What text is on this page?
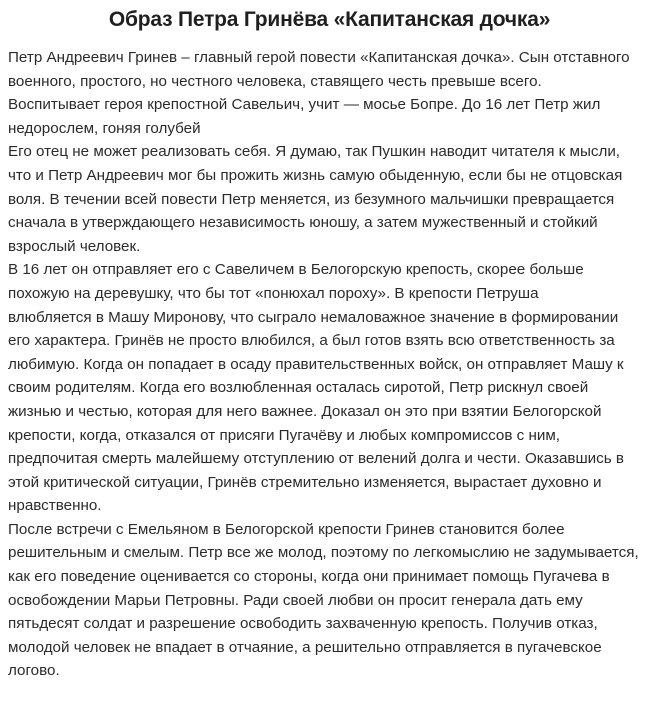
Образ Петра Гринёва «Капитанская дочка»

Петр Андреевич Гринев – главный герой повести «Капитанская дочка». Сын отставного
военного, простого, но честного человека, ставящего честь превыше всего.

Воспитывает героя крепостной Савельич, учит — мосье Бопре. До 16 лет Петр жил
недорослем, гоняя голубей

Его отец не может реализовать себя. Я думаю, так Пушкин наводит читателя к мысли,
что и Петр Андреевич мог бы прожить жизнь самую обыденную, если бы не отцовская
воля. В течении всей повести Петр меняется, из безумного мальчишки превращается
сначала в утверждающего независимость юношу, а затем мужественный и стойкий
взрослый человек.

В 16 лет он отправляет его с Савеличем в Белогорскую крепость, скорее больше
похожую на деревушку, что бы тот «понюхал пороху». В крепости Петруша
влюбляется в Машу Миронову, что сыграло немаловажное значение в формировании
его характера. Гринёв не просто влюбился, а был готов взять всю ответственность за
любимую. Когда он попадает в осаду правительственных войск, он отправляет Машу к
своим родителям. Когда его возлюбленная осталась сиротой, Петр рискнул своей
жизнью и честью, которая для него важнее. Доказал он это при взятии Белогорской
крепости, когда, отказался от присяги Пугачёву и любых компромиссов с ним,
предпочитая смерть малейшему отступлению от велений долга и чести. Оказавшись в
этой критической ситуации, Гринёв стремительно изменяется, вырастает духовно и
нравственно.

После встречи с Емельяном в Белогорской крепости Гринев становится более
решительным и смелым. Петр все же молод, поэтому по легкомыслию не задумывается,
как его поведение оценивается со стороны, когда они принимает помощь Пугачева в
освобождении Марьи Петровны. Ради своей любви он просит генерала дать ему
пятьдесят солдат и разрешение освободить захваченную крепость. Получив отказ,
молодой человек не впадает в отчаяние, а решительно отправляется в пугачевское
логово.
